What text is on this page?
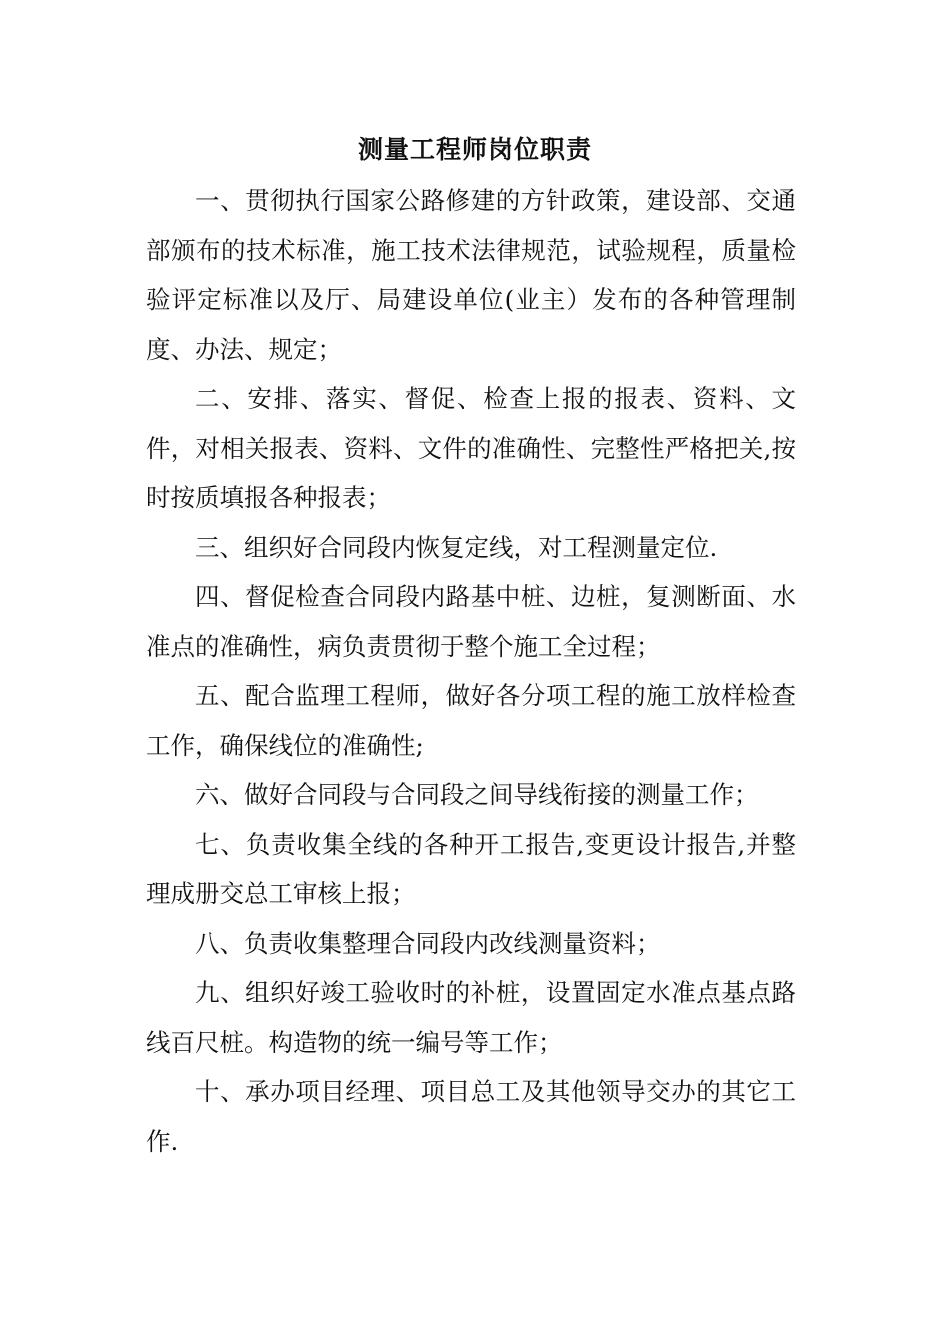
测量工程师岗位职责

一、贯彻执行国家公路修建的方针政策，建设部、交通部颁布的技术标准，施工技术法律规范，试验规程，质量检验评定标准以及厅、局建设单位(业主）发布的各种管理制度、办法、规定；

二、安排、落实、督促、检查上报的报表、资料、文件，对相关报表、资料、文件的准确性、完整性严格把关,按时按质填报各种报表；

三、组织好合同段内恢复定线，对工程测量定位.

四、督促检查合同段内路基中桩、边桩，复测断面、水准点的准确性，病负责贯彻于整个施工全过程；

五、配合监理工程师，做好各分项工程的施工放样检查工作，确保线位的准确性;

六、做好合同段与合同段之间导线衔接的测量工作；

七、负责收集全线的各种开工报告,变更设计报告,并整理成册交总工审核上报；

八、负责收集整理合同段内改线测量资料；

九、组织好竣工验收时的补桩，设置固定水准点基点路线百尺桩。构造物的统一编号等工作；

十、承办项目经理、项目总工及其他领导交办的其它工作.
